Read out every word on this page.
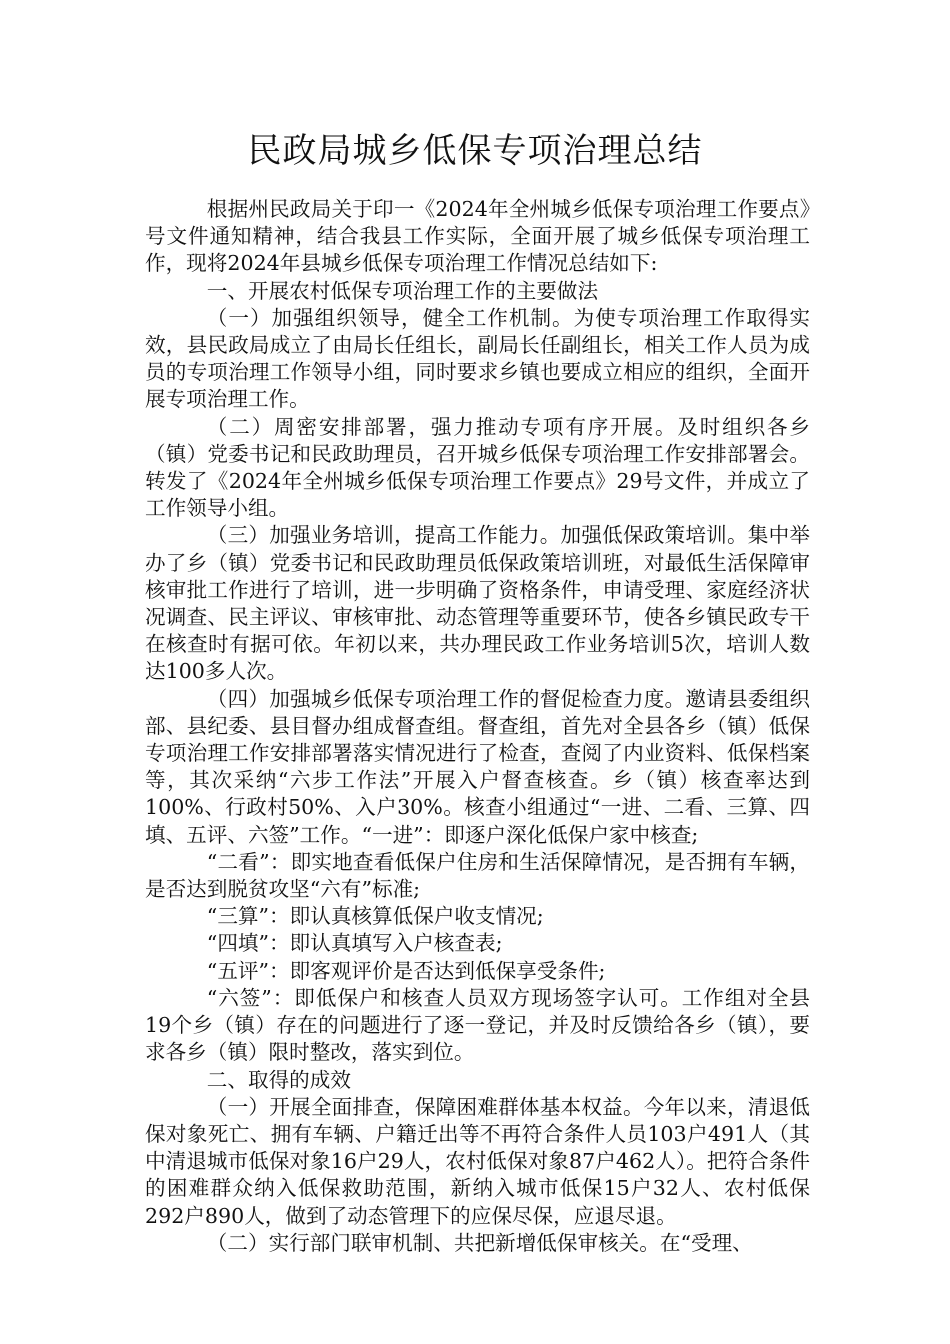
民政局城乡低保专项治理总结

根据州民政局关于印一《2024年全州城乡低保专项治理工作要点》号文件通知精神，结合我县工作实际，全面开展了城乡低保专项治理工作，现将2024年县城乡低保专项治理工作情况总结如下:

一、开展农村低保专项治理工作的主要做法

（一）加强组织领导，健全工作机制。为使专项治理工作取得实效，县民政局成立了由局长任组长，副局长任副组长，相关工作人员为成员的专项治理工作领导小组，同时要求乡镇也要成立相应的组织，全面开展专项治理工作。

（二）周密安排部署，强力推动专项有序开展。及时组织各乡（镇）党委书记和民政助理员，召开城乡低保专项治理工作安排部署会。转发了《2024年全州城乡低保专项治理工作要点》29号文件，并成立了工作领导小组。

（三）加强业务培训，提高工作能力。加强低保政策培训。集中举办了乡（镇）党委书记和民政助理员低保政策培训班，对最低生活保障审核审批工作进行了培训，进一步明确了资格条件，申请受理、家庭经济状况调查、民主评议、审核审批、动态管理等重要环节，使各乡镇民政专干在核查时有据可依。年初以来，共办理民政工作业务培训5次，培训人数达100多人次。

（四）加强城乡低保专项治理工作的督促检查力度。邀请县委组织部、县纪委、县目督办组成督查组。督查组，首先对全县各乡（镇）低保专项治理工作安排部署落实情况进行了检查，查阅了内业资料、低保档案等，其次采纳“六步工作法”开展入户督查核查。乡（镇）核查率达到100%、行政村50%、入户30%。核查小组通过“一进、二看、三算、四填、五评、六签”工作。“一进”：即逐户深化低保户家中核查;

“二看”：即实地查看低保户住房和生活保障情况，是否拥有车辆，是否达到脱贫攻坚“六有”标准;

“三算”：即认真核算低保户收支情况;

“四填”：即认真填写入户核查表;

“五评”：即客观评价是否达到低保享受条件;

“六签”：即低保户和核查人员双方现场签字认可。工作组对全县19个乡（镇）存在的问题进行了逐一登记，并及时反馈给各乡（镇），要求各乡（镇）限时整改，落实到位。

二、取得的成效

（一）开展全面排查，保障困难群体基本权益。今年以来，清退低保对象死亡、拥有车辆、户籍迁出等不再符合条件人员103户491人（其中清退城市低保对象16户29人，农村低保对象87户462人）。把符合条件的困难群众纳入低保救助范围，新纳入城市低保15户32人、农村低保292户890人，做到了动态管理下的应保尽保，应退尽退。

（二）实行部门联审机制、共把新增低保审核关。在“受理、
